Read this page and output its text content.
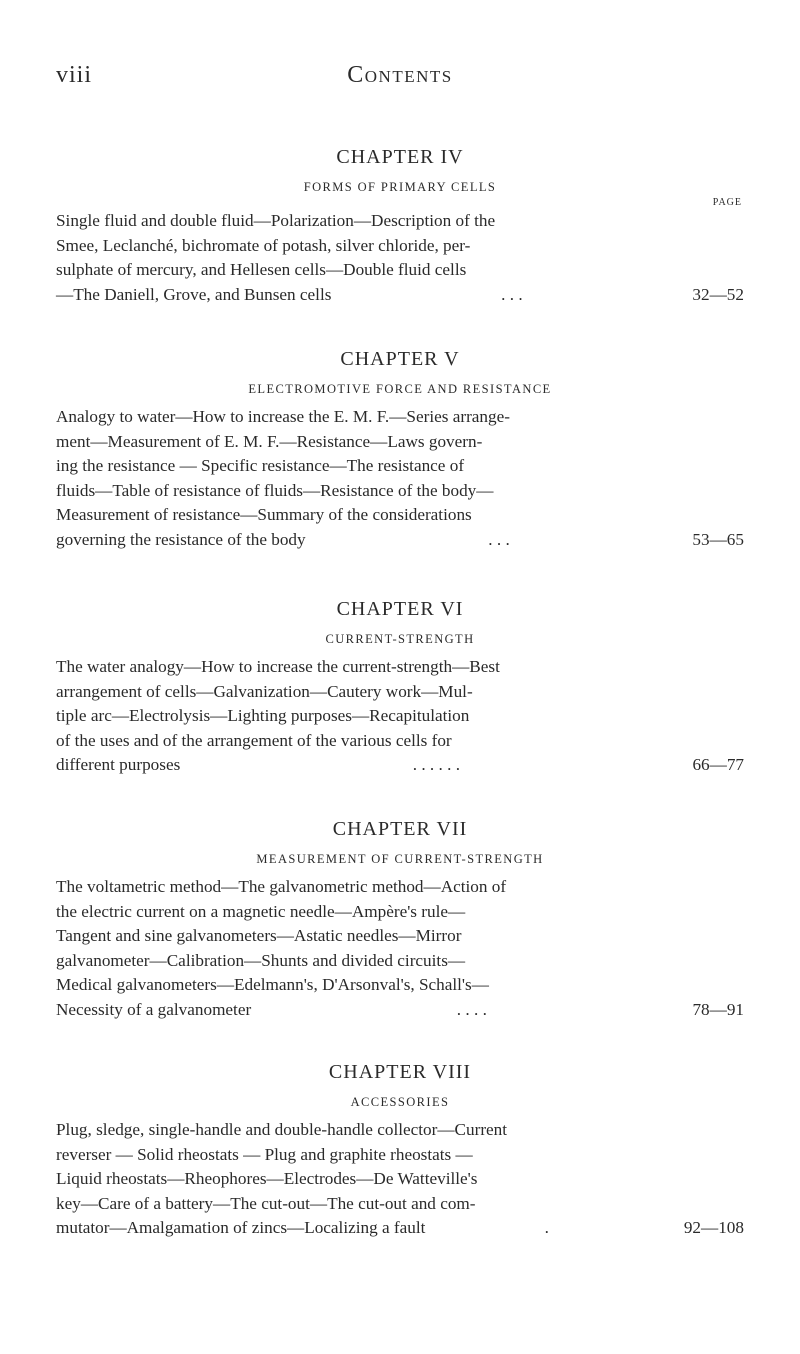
viii	Contents
CHAPTER IV
FORMS OF PRIMARY CELLS
PAGE
Single fluid and double fluid—Polarization—Description of the
Smee, Leclanché, bichromate of potash, silver chloride, per-
sulphate of mercury, and Hellesen cells—Double fluid cells
—The Daniell, Grove, and Bunsen cells	. . .	32—52
CHAPTER V
ELECTROMOTIVE FORCE AND RESISTANCE
Analogy to water—How to increase the E. M. F.—Series arrange-
ment—Measurement of E. M. F.—Resistance—Laws govern-
ing the resistance — Specific resistance—The resistance of
fluids—Table of resistance of fluids—Resistance of the body—
Measurement of resistance—Summary of the considerations
governing the resistance of the body	. . .	53—65
CHAPTER VI
CURRENT-STRENGTH
The water analogy—How to increase the current-strength—Best
arrangement of cells—Galvanization—Cautery work—Mul-
tiple arc—Electrolysis—Lighting purposes—Recapitulation
of the uses and of the arrangement of the various cells for
different purposes	. . . . . .	66—77
CHAPTER VII
MEASUREMENT OF CURRENT-STRENGTH
The voltametric method—The galvanometric method—Action of
the electric current on a magnetic needle—Ampère's rule—
Tangent and sine galvanometers—Astatic needles—Mirror
galvanometer—Calibration—Shunts and divided circuits—
Medical galvanometers—Edelmann's, D'Arsonval's, Schall's—
Necessity of a galvanometer	. . . .	78—91
CHAPTER VIII
ACCESSORIES
Plug, sledge, single-handle and double-handle collector—Current
reverser — Solid rheostats — Plug and graphite rheostats —
Liquid rheostats—Rheophores—Electrodes—De Watteville's
key—Care of a battery—The cut-out—The cut-out and com-
mutator—Amalgamation of zincs—Localizing a fault	.	92—108
